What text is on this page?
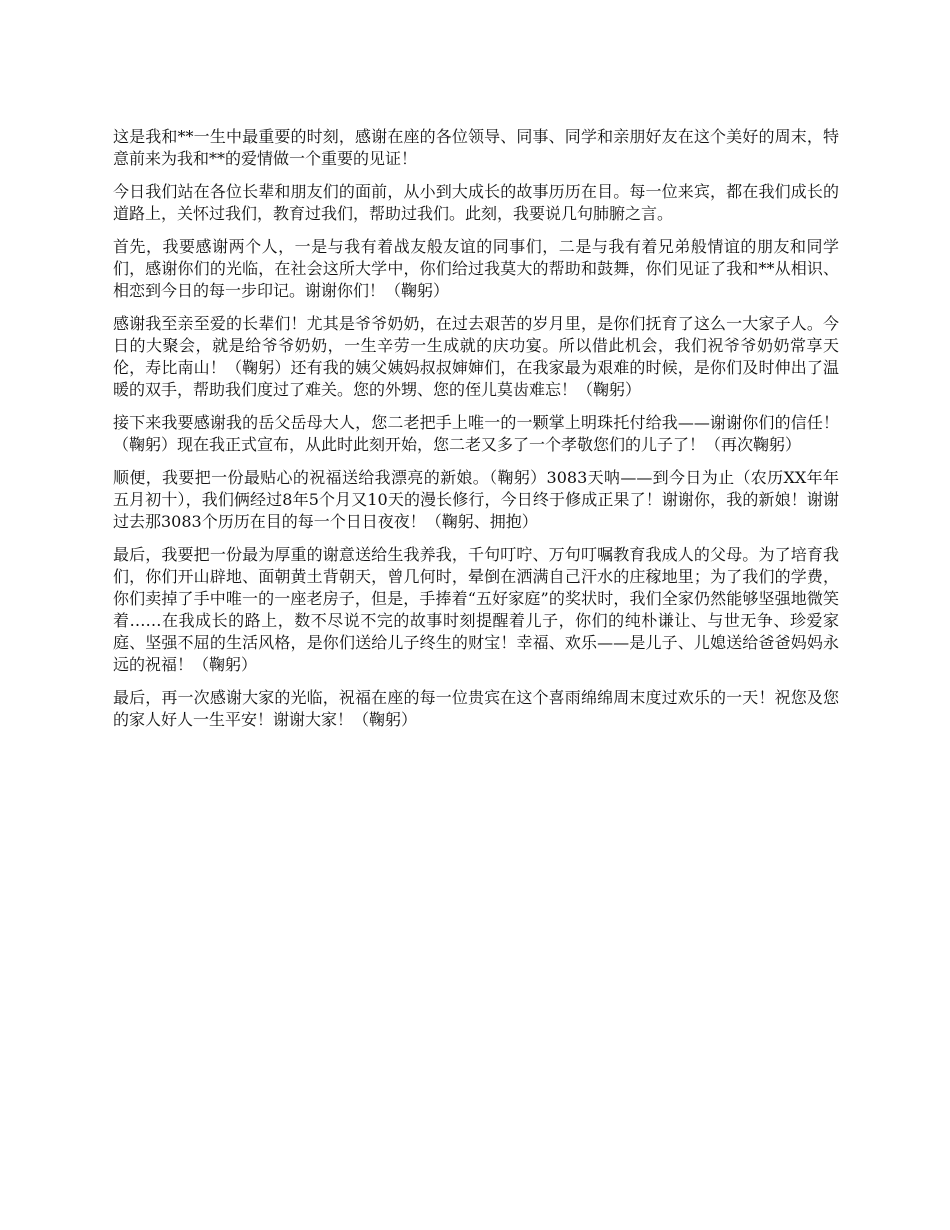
这是我和**一生中最重要的时刻，感谢在座的各位领导、同事、同学和亲朋好友在这个美好的周末，特意前来为我和**的爱情做一个重要的见证！

今日我们站在各位长辈和朋友们的面前，从小到大成长的故事历历在目。每一位来宾，都在我们成长的道路上，关怀过我们，教育过我们，帮助过我们。此刻，我要说几句肺腑之言。

首先，我要感谢两个人，一是与我有着战友般友谊的同事们，二是与我有着兄弟般情谊的朋友和同学们，感谢你们的光临，在社会这所大学中，你们给过我莫大的帮助和鼓舞，你们见证了我和**从相识、相恋到今日的每一步印记。谢谢你们！（鞠躬）

感谢我至亲至爱的长辈们！尤其是爷爷奶奶，在过去艰苦的岁月里，是你们抚育了这么一大家子人。今日的大聚会，就是给爷爷奶奶，一生辛劳一生成就的庆功宴。所以借此机会，我们祝爷爷奶奶常享天伦，寿比南山！（鞠躬）还有我的姨父姨妈叔叔婶婶们，在我家最为艰难的时候，是你们及时伸出了温暖的双手，帮助我们度过了难关。您的外甥、您的侄儿莫齿难忘！（鞠躬）

接下来我要感谢我的岳父岳母大人，您二老把手上唯一的一颗掌上明珠托付给我——谢谢你们的信任！（鞠躬）现在我正式宣布，从此时此刻开始，您二老又多了一个孝敬您们的儿子了！（再次鞠躬）

顺便，我要把一份最贴心的祝福送给我漂亮的新娘。（鞠躬）3083天呐——到今日为止（农历XX年年五月初十），我们俩经过8年5个月又10天的漫长修行，今日终于修成正果了！谢谢你，我的新娘！谢谢过去那3083个历历在目的每一个日日夜夜！（鞠躬、拥抱）

最后，我要把一份最为厚重的谢意送给生我养我，千句叮咛、万句叮嘱教育我成人的父母。为了培育我们，你们开山辟地、面朝黄土背朝天，曾几何时，晕倒在洒满自己汗水的庄稼地里；为了我们的学费，你们卖掉了手中唯一的一座老房子，但是，手捧着“五好家庭”的奖状时，我们全家仍然能够坚强地微笑着……在我成长的路上，数不尽说不完的故事时刻提醒着儿子，你们的纯朴谦让、与世无争、珍爱家庭、坚强不屈的生活风格，是你们送给儿子终生的财宝！幸福、欢乐——是儿子、儿媳送给爸爸妈妈永远的祝福！（鞠躬）

最后，再一次感谢大家的光临，祝福在座的每一位贵宾在这个喜雨绵绵周末度过欢乐的一天！祝您及您的家人好人一生平安！谢谢大家！（鞠躬）
